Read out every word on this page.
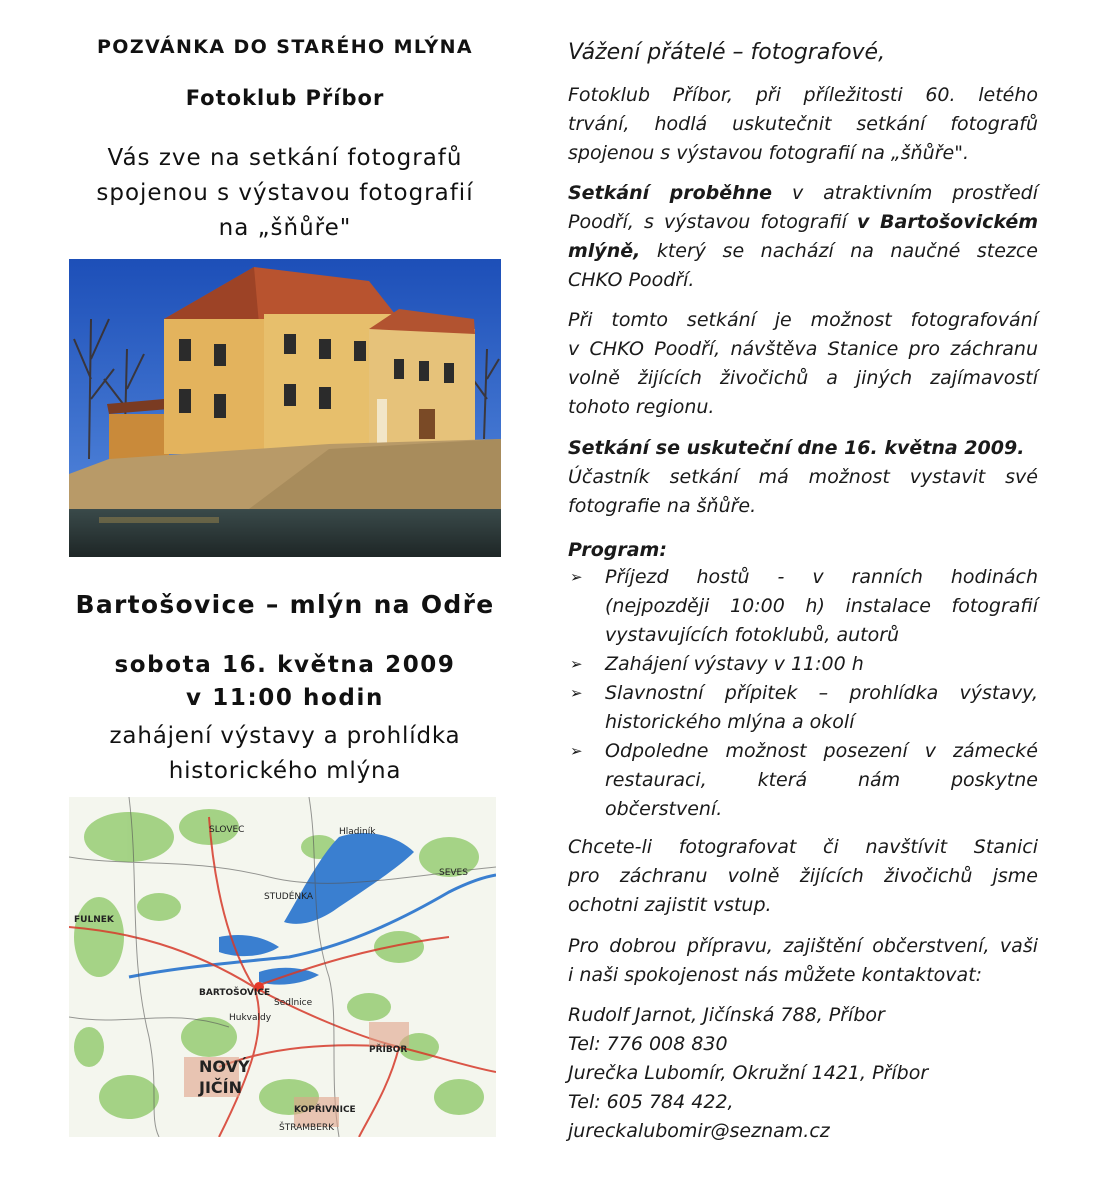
POZVÁNKA DO STARÉHO MLÝNA
Fotoklub Příbor
Vás zve na setkání fotografů
spojenou s výstavou fotografií
na „šňůře"
Bartošovice – mlýn na Odře
sobota 16. května 2009
v 11:00 hodin
zahájení výstavy a prohlídka
historického mlýna
SLOVEC	Hladiník
STUDÉNKA
SEVES
FULNEK
BARTOŠOVICE
Sedlnice
Hukvaldy
PŘÍBOR
NOVÝ
JIČÍN
KOPŘIVNICE
ŠTRAMBERK
Vážení přátelé – fotografové,
Fotoklub Příbor, při příležitosti 60. letého
trvání, hodlá uskutečnit setkání fotografů
spojenou s výstavou fotografií na „šňůře".
Setkání proběhne v atraktivním prostředí
Poodří, s výstavou fotografií v Bartošovickém
mlýně, který se nachází na naučné stezce
CHKO Poodří.
Při tomto setkání je možnost fotografování
v CHKO Poodří, návštěva Stanice pro záchranu
volně žijících živočichů a jiných zajímavostí
tohoto regionu.
Setkání se uskuteční dne 16. května 2009.
Účastník setkání má možnost vystavit své
fotografie na šňůře.
Program:
➢ Příjezd hostů - v ranních hodinách
(nejpozději 10:00 h) instalace fotografií
vystavujících fotoklubů, autorů
➢ Zahájení výstavy v 11:00 h
➢ Slavnostní přípitek – prohlídka výstavy,
historického mlýna a okolí
➢ Odpoledne možnost posezení v zámecké
restauraci, která nám poskytne
občerstvení.
Chcete-li fotografovat či navštívit Stanici
pro záchranu volně žijících živočichů jsme
ochotni zajistit vstup.
Pro dobrou přípravu, zajištění občerstvení, vaši
i naši spokojenost nás můžete kontaktovat:
Rudolf Jarnot, Jičínská 788, Příbor
Tel: 776 008 830
Jurečka Lubomír, Okružní 1421, Příbor
Tel: 605 784 422,
jureckalubomir@seznam.cz
